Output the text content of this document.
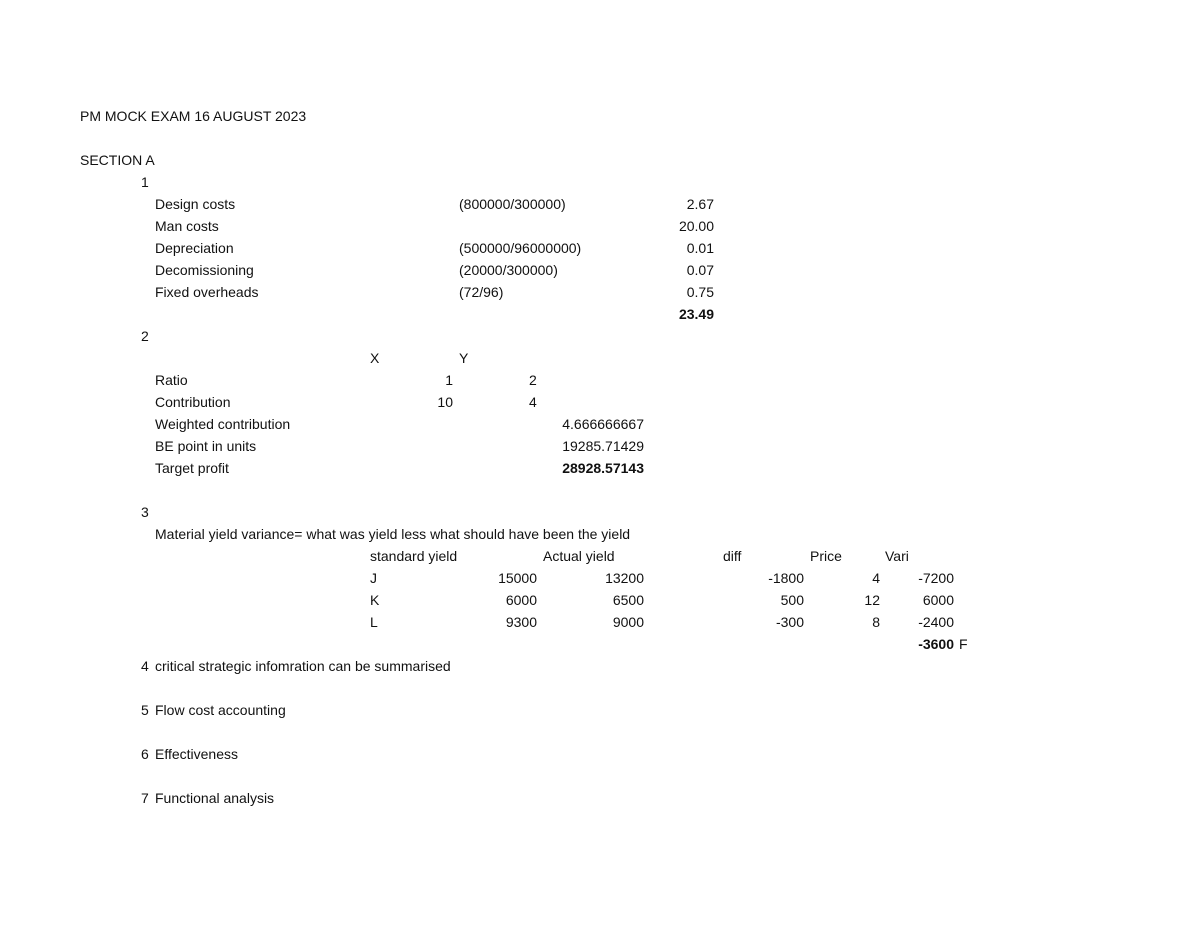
PM MOCK EXAM 16 AUGUST 2023
SECTION A
1
Design costs	(800000/300000)	2.67
Man costs	20.00
Depreciation	(500000/96000000)	0.01
Decomissioning	(20000/300000)	0.07
Fixed overheads	(72/96)	0.75
23.49
2
X	Y
Ratio	1	2
Contribution	10	4
Weighted contribution	4.666666667
BE point in units	19285.71429
Target profit	28928.57143
3
Material yield variance= what was yield less what should have been the yield
standard yield	Actual yield	diff	Price	Vari
J	15000	13200	-1800	4	-7200
K	6000	6500	500	12	6000
L	9300	9000	-300	8	-2400
-3600 F
4 critical strategic infomration can be summarised
5 Flow cost accounting
6 Effectiveness
7 Functional analysis
